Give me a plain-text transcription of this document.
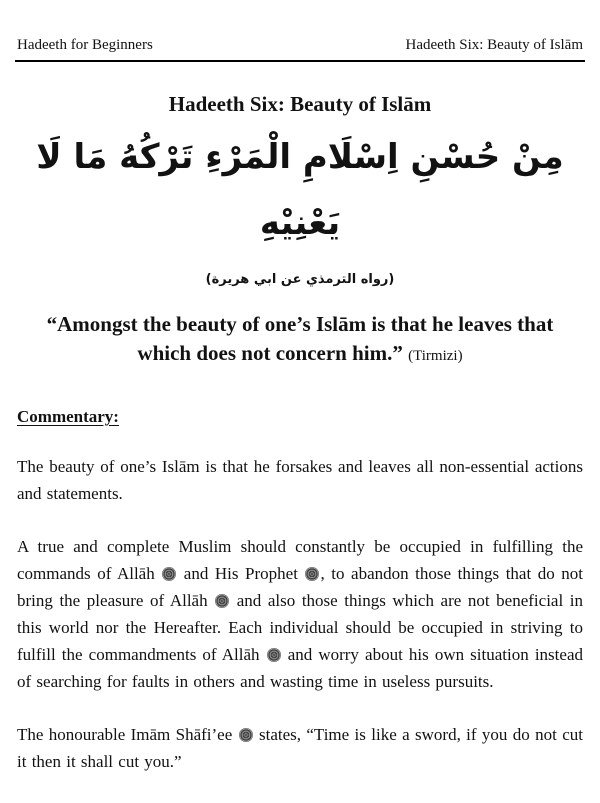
Hadeeth for Beginners	Hadeeth Six: Beauty of Islām
Hadeeth Six: Beauty of Islām
مِنْ حُسْنِ اِسْلَامِ الْمَرْءِ تَرْكُهُ مَا لَا يَعْنِيْهِ
(رواه الترمذي عن ابي هريرة)
“Amongst the beauty of one’s Islām is that he leaves that which does not concern him.” (Tirmizi)
Commentary:

The beauty of one’s Islām is that he forsakes and leaves all non-essential actions and statements.

A true and complete Muslim should constantly be occupied in fulfilling the commands of Allāh  and His Prophet , to abandon those things that do not bring the pleasure of Allāh  and also those things which are not beneficial in this world nor the Hereafter. Each individual should be occupied in striving to fulfill the commandments of Allāh  and worry about his own situation instead of searching for faults in others and wasting time in useless pursuits.

The honourable Imām Shāfi’ee  states, “Time is like a sword, if you do not cut it then it shall cut you.”
